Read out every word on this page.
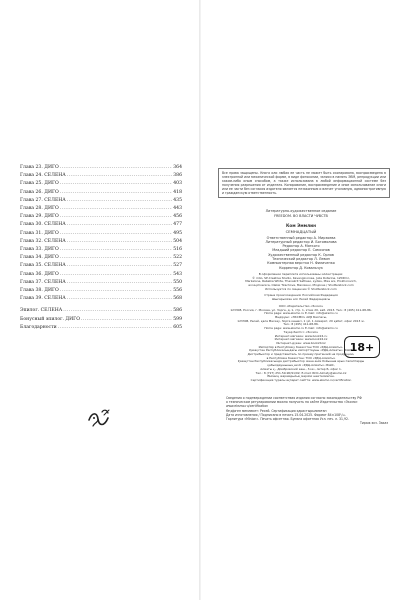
Глава 23. ДИГО .....	364
Глава 24. СЕЛЕНА .....	386
Глава 25. ДИГО .....	403
Глава 26. ДИГО .....	418
Глава 27. СЕЛЕНА .....	435
Глава 28. ДИГО .....	443
Глава 29. ДИГО .....	456
Глава 30. СЕЛЕНА .....	477
Глава 31. ДИГО .....	495
Глава 32. СЕЛЕНА .....	504
Глава 33. ДИГО .....	516
Глава 34. ДИГО .....	522
Глава 35. СЕЛЕНА .....	527
Глава 36. ДИГО .....	543
Глава 37. СЕЛЕНА .....	550
Глава 38. ДИГО .....	556
Глава 39. СЕЛЕНА .....	568
Эпилог. СЕЛЕНА .....	586
Бонусный эпилог. ДИГО .....	599
Благодарности .....	605
Все права защищены. Книга или любая ее часть не может быть скопирована, воспроизведена в электронной или механической форме, в виде фотокопии, записи в память ЭВМ, репродукции или каким-либо иным способом, а также использована в любой информационной системе без получения разрешения от издателя. Копирование, воспроизведение и иное использование книги или ее части без согласия издателя является незаконным и влечет уголовную, административную и гражданскую ответственность.
Литературно-художественное издание
FREEDOM. ВО ВЛАСТИ ЧУВСТВ
Ком Эммлин
СЕМНАДЦАТЫЙ
Ответственный редактор А. Мирзоева
Литературный редактор И. Богомолова
Редактор А. Мягкого
Младший редактор Е. Самсонов
Художественный редактор К. Орлов
Технический редактор Л. Левин
Компьютерная верстка Н. Филиченко
Корректор Д. Ковальчук
В оформлении переплета использованы иллюстрации:
© ridio, SP-Creative Studio, Kavanginorosa, Julia Rutarina, 1Z0Dmr,
Mariialone, Rabelka White, Thanakrit Sathaso, sydsis, Miss ani, Prokhorovich,
anna.phoenica, Oleksi Tkachova, ManiaLuv, Mrsjones / Shutterstock.com
Используется по лицензии © Shutterstock.com
Страна происхождения: Российская Федерация
Шығарылған елі: Ресей Федерациясы
ООО «Издательство «Эксмо»
123308, Россия, г. Москва, ул. Зорге, д. 1, стр. 1, этаж 20, каб. 2013. Тел.: 8 (495) 411-68-86.
Home page: www.eksmo.ru E-mail: info@eksmo.ru
Өндіруші: «ЭКСМО» АҚБ Баспасы,
123308, Ресей, қала Мәскеу, Зорге көшесі, 1 үй, 1 ғимарат, 20 қабат, офис 2013 ж.
Тел.: 8 (495) 411-68-86.
Home page: www.eksmo.ru E-mail: info@eksmo.ru
Тауар белгісі: «Эксмо»
Интернет-магазин: www.book24.ru
Интернет-магазин: www.book24.kz
Интернет-дүкен: www.book24.kz
Импортёр в Республику Казахстан ТОО «РДЦ-Алматы».
Қазақстан Республикасындағы импорттаушы «РДЦ-Алматы» ЖШС.
Дистрибьютор и представитель по приему претензий на продукцию,
в Республике Казахстан: ТОО «РДЦ-Алматы»
Қазақстан Республикасында дистрибьютор және өнім бойынша арыз-талаптарды
қабылдаушының өкілі «РДЦ-Алматы» ЖШС,
Алматы қ., Домбровский көш., 3«а», литер Б, офис 1.
Тел.: 8 (727) 251-59-90/91/92; E-mail: RDC-Almaty@eksmo.kz
Өнімнің жарамдылық мерзімі шектелмеген.
Сертификация туралы ақпарат сайтта: www.eksmo.ru/certification
18+
Сведения о подтверждении соответствия издания согласно законодательству РФ
о техническом регулировании можно получить на сайте Издательства «Эксмо»
www.eksmo.ru/certification
Өндірген мемлекет: Ресей. Сертификация қарастырылмаған
Дата изготовления / Подписано в печать 15.04.2025. Формат 84×108¹/₃₂.
Гарнитура «Minion». Печать офсетная. Бумага офсетная Усл. печ. л. 31,92.
Тираж экз. Заказ
